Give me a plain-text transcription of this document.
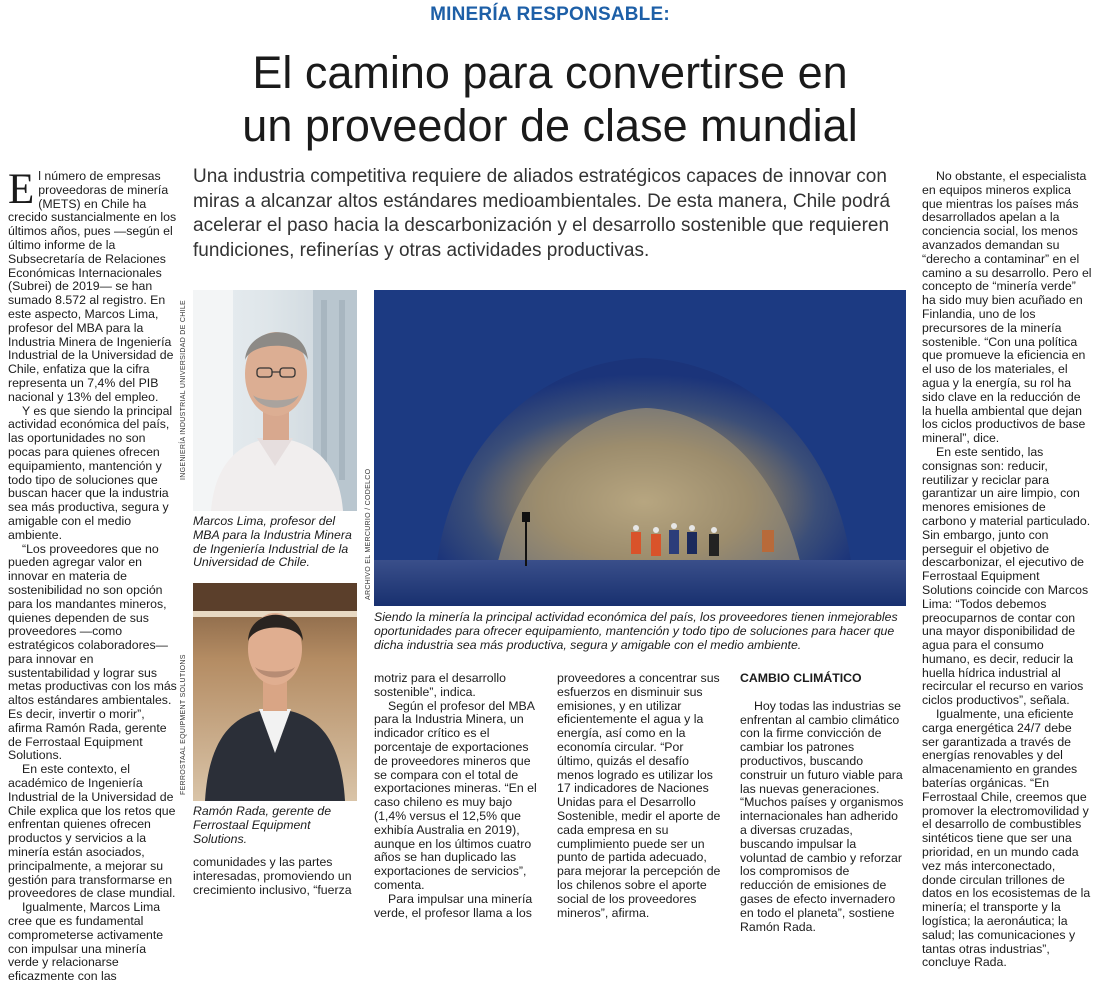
MINERÍA RESPONSABLE:
El camino para convertirse en
un proveedor de clase mundial
Una industria competitiva requiere de aliados estratégicos capaces de innovar con miras a alcanzar altos estándares medioambientales. De esta manera, Chile podrá acelerar el paso hacia la descarbonización y el desarrollo sostenible que requieren fundiciones, refinerías y otras actividades productivas.

El número de empresas proveedoras de minería (METS) en Chile ha crecido sustancialmente en los últimos años, pues —según el último informe de la Subsecretaría de Relaciones Económicas Internacionales (Subrei) de 2019— se han sumado 8.572 al registro. En este aspecto, Marcos Lima, profesor del MBA para la Industria Minera de Ingeniería Industrial de la Universidad de Chile, enfatiza que la cifra representa un 7,4% del PIB nacional y 13% del empleo.

Y es que siendo la principal actividad económica del país, las oportunidades no son pocas para quienes ofrecen equipamiento, mantención y todo tipo de soluciones que buscan hacer que la industria sea más productiva, segura y amigable con el medio ambiente.

“Los proveedores que no pueden agregar valor en innovar en materia de sostenibilidad no son opción para los mandantes mineros, quienes dependen de sus proveedores —como estratégicos colaboradores— para innovar en sustentabilidad y lograr sus metas productivas con los más altos estándares ambientales. Es decir, invertir o morir”, afirma Ramón Rada, gerente de Ferrostaal Equipment Solutions.

En este contexto, el académico de Ingeniería Industrial de la Universidad de Chile explica que los retos que enfrentan quienes ofrecen productos y servicios a la minería están asociados, principalmente, a mejorar su gestión para transformarse en proveedores de clase mundial.

Igualmente, Marcos Lima cree que es fundamental comprometerse activamente con impulsar una minería verde y relacionarse eficazmente con las

INGENIERÍA INDUSTRIAL UNIVERSIDAD DE CHILE
Marcos Lima, profesor del MBA para la Industria Minera de Ingeniería Industrial de la Universidad de Chile.
FERROSTAAL EQUIPMENT SOLUTIONS
Ramón Rada, gerente de Ferrostaal Equipment Solutions.
ARCHIVO EL MERCURIO / CODELCO
Siendo la minería la principal actividad económica del país, los proveedores tienen inmejorables oportunidades para ofrecer equipamiento, mantención y todo tipo de soluciones para hacer que dicha industria sea más productiva, segura y amigable con el medio ambiente.

comunidades y las partes interesadas, promoviendo un crecimiento inclusivo, “fuerza

motriz para el desarrollo sostenible”, indica.

Según el profesor del MBA para la Industria Minera, un indicador crítico es el porcentaje de exportaciones de proveedores mineros que se compara con el total de exportaciones mineras. “En el caso chileno es muy bajo (1,4% versus el 12,5% que exhibía Australia en 2019), aunque en los últimos cuatro años se han duplicado las exportaciones de servicios”, comenta.

Para impulsar una minería verde, el profesor llama a los

proveedores a concentrar sus esfuerzos en disminuir sus emisiones, y en utilizar eficientemente el agua y la energía, así como en la economía circular. “Por último, quizás el desafío menos logrado es utilizar los 17 indicadores de Naciones Unidas para el Desarrollo Sostenible, medir el aporte de cada empresa en su cumplimiento puede ser un punto de partida adecuado, para mejorar la percepción de los chilenos sobre el aporte social de los proveedores mineros”, afirma.

CAMBIO CLIMÁTICO

Hoy todas las industrias se enfrentan al cambio climático con la firme convicción de cambiar los patrones productivos, buscando construir un futuro viable para las nuevas generaciones. “Muchos países y organismos internacionales han adherido a diversas cruzadas, buscando impulsar la voluntad de cambio y reforzar los compromisos de reducción de emisiones de gases de efecto invernadero en todo el planeta”, sostiene Ramón Rada.

No obstante, el especialista en equipos mineros explica que mientras los países más desarrollados apelan a la conciencia social, los menos avanzados demandan su “derecho a contaminar” en el camino a su desarrollo. Pero el concepto de “minería verde” ha sido muy bien acuñado en Finlandia, uno de los precursores de la minería sostenible. “Con una política que promueve la eficiencia en el uso de los materiales, el agua y la energía, su rol ha sido clave en la reducción de la huella ambiental que dejan los ciclos productivos de base mineral”, dice.

En este sentido, las consignas son: reducir, reutilizar y reciclar para garantizar un aire limpio, con menores emisiones de carbono y material particulado. Sin embargo, junto con perseguir el objetivo de descarbonizar, el ejecutivo de Ferrostaal Equipment Solutions coincide con Marcos Lima: “Todos debemos preocuparnos de contar con una mayor disponibilidad de agua para el consumo humano, es decir, reducir la huella hídrica industrial al recircular el recurso en varios ciclos productivos”, señala.

Igualmente, una eficiente carga energética 24/7 debe ser garantizada a través de energías renovables y del almacenamiento en grandes baterías orgánicas. “En Ferrostaal Chile, creemos que promover la electromovilidad y el desarrollo de combustibles sintéticos tiene que ser una prioridad, en un mundo cada vez más interconectado, donde circulan trillones de datos en los ecosistemas de la minería; el transporte y la logística; la aeronáutica; la salud; las comunicaciones y tantas otras industrias”, concluye Rada.
